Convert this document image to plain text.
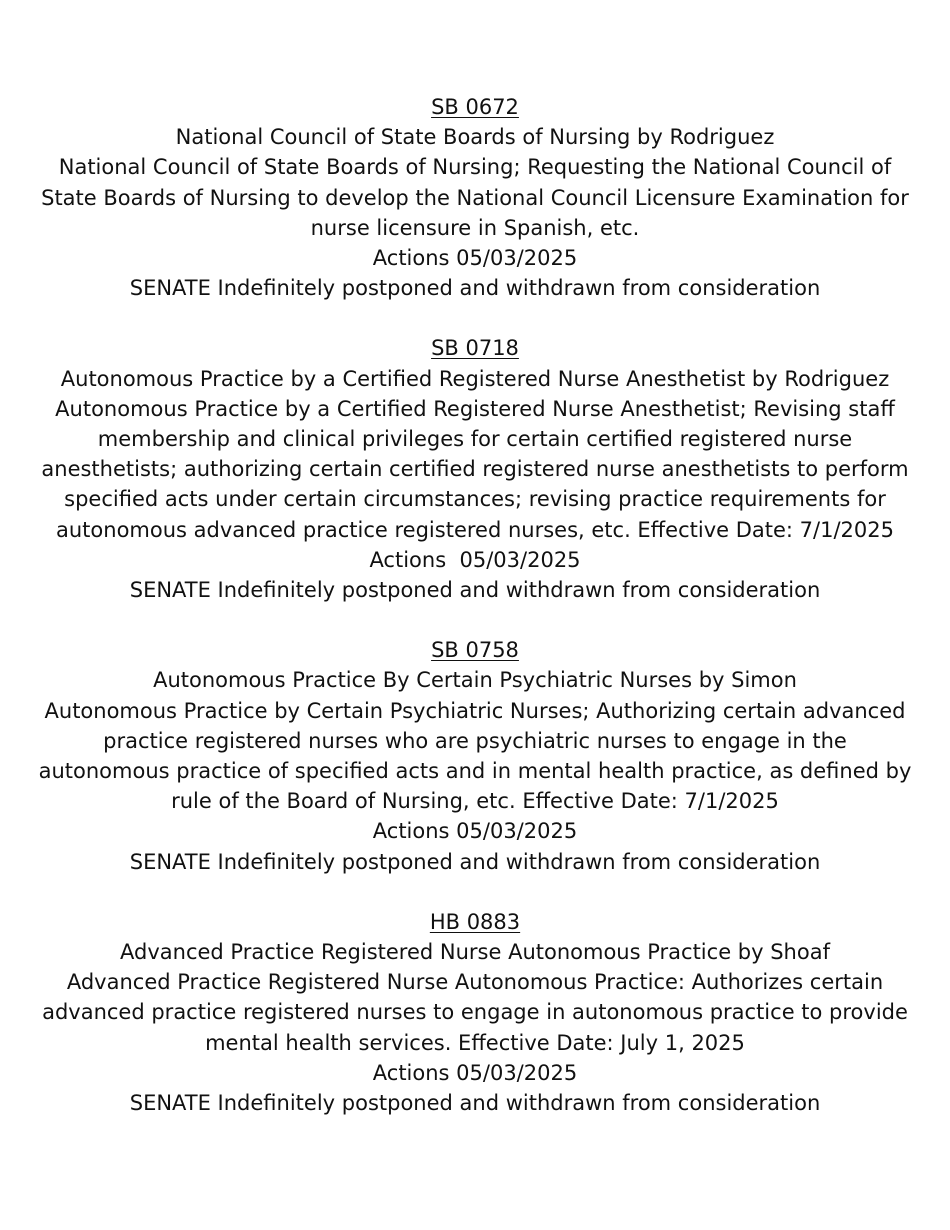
SB 0672
National Council of State Boards of Nursing by Rodriguez
National Council of State Boards of Nursing; Requesting the National Council of State Boards of Nursing to develop the National Council Licensure Examination for nurse licensure in Spanish, etc.
Actions 05/03/2025
SENATE Indefinitely postponed and withdrawn from consideration
SB 0718
Autonomous Practice by a Certified Registered Nurse Anesthetist by Rodriguez
Autonomous Practice by a Certified Registered Nurse Anesthetist; Revising staff membership and clinical privileges for certain certified registered nurse anesthetists; authorizing certain certified registered nurse anesthetists to perform specified acts under certain circumstances; revising practice requirements for autonomous advanced practice registered nurses, etc. Effective Date: 7/1/2025
Actions  05/03/2025
SENATE Indefinitely postponed and withdrawn from consideration
SB 0758
Autonomous Practice By Certain Psychiatric Nurses by Simon
Autonomous Practice by Certain Psychiatric Nurses; Authorizing certain advanced practice registered nurses who are psychiatric nurses to engage in the autonomous practice of specified acts and in mental health practice, as defined by rule of the Board of Nursing, etc. Effective Date: 7/1/2025
Actions 05/03/2025
SENATE Indefinitely postponed and withdrawn from consideration
HB 0883
Advanced Practice Registered Nurse Autonomous Practice by Shoaf
Advanced Practice Registered Nurse Autonomous Practice: Authorizes certain advanced practice registered nurses to engage in autonomous practice to provide mental health services. Effective Date: July 1, 2025
Actions 05/03/2025
SENATE Indefinitely postponed and withdrawn from consideration
